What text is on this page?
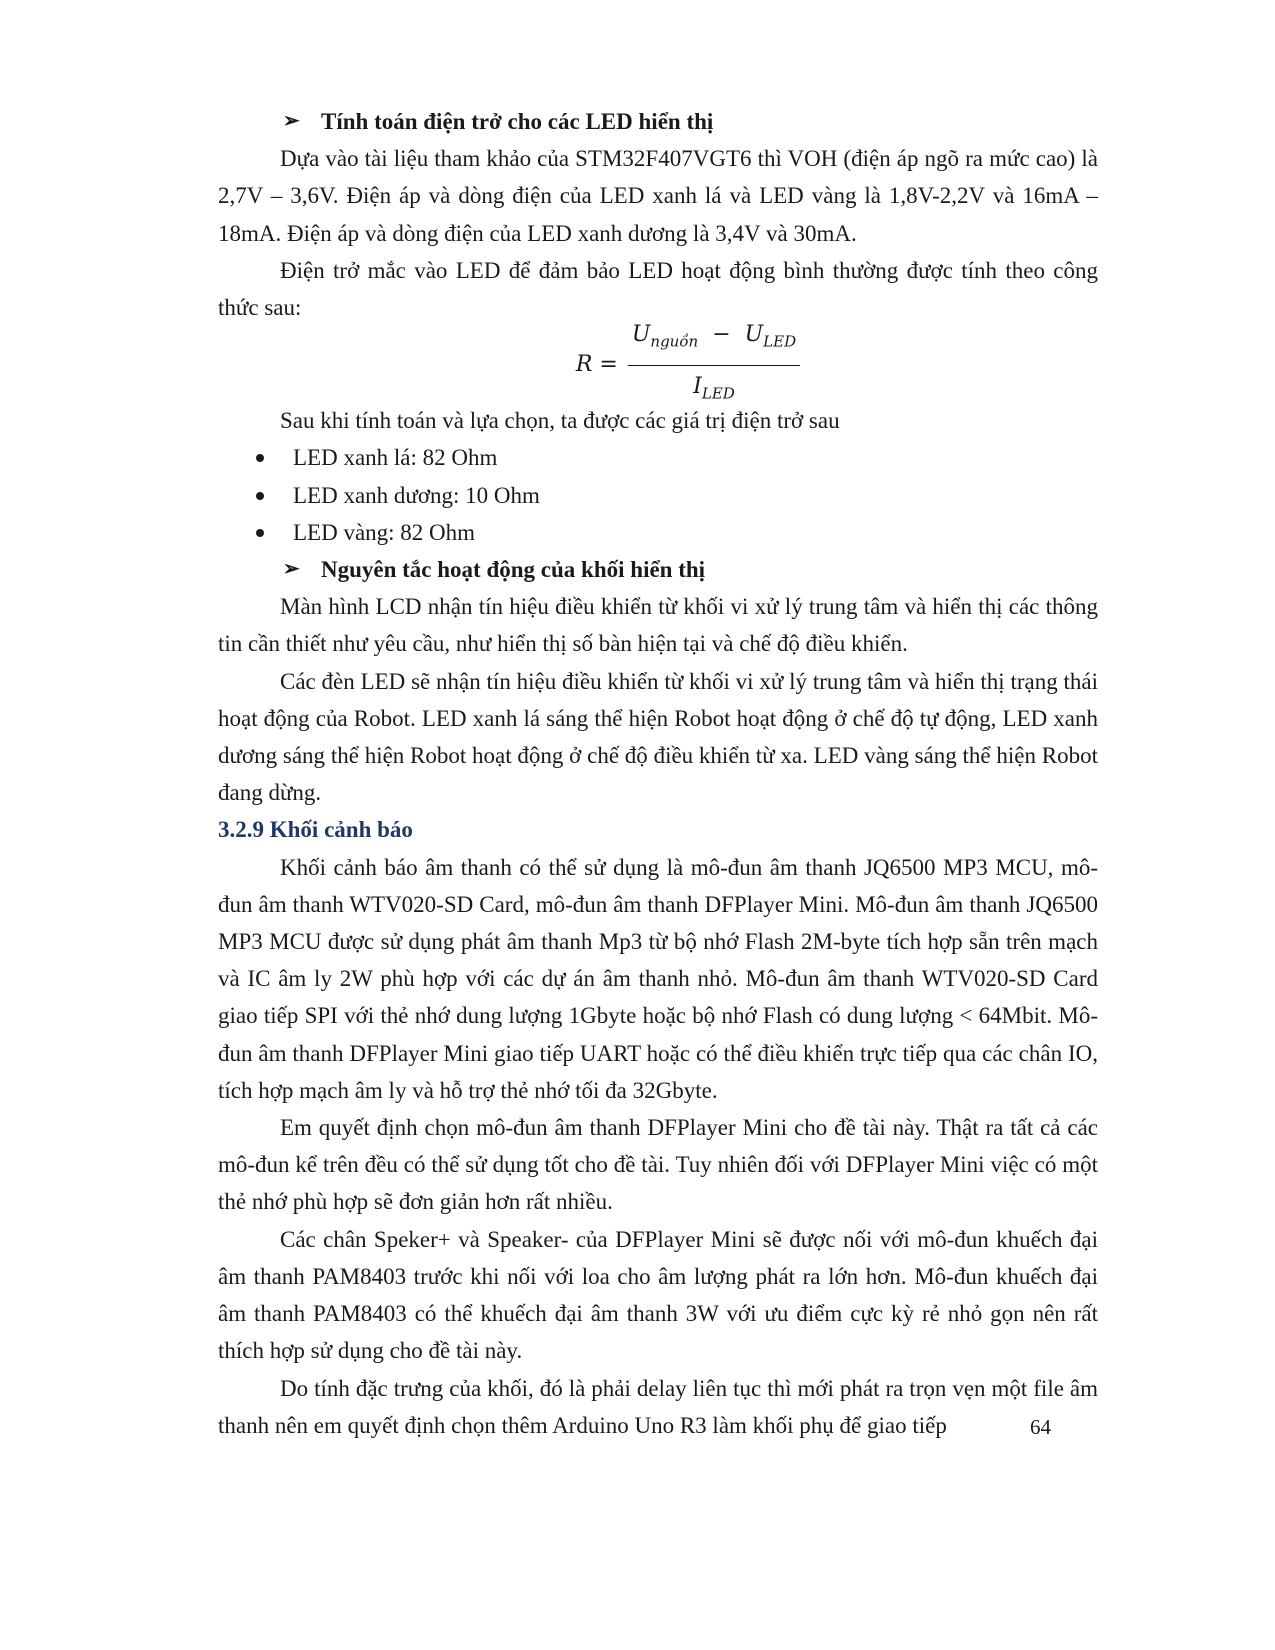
➢ Tính toán điện trở cho các LED hiển thị

Dựa vào tài liệu tham khảo của STM32F407VGT6 thì VOH (điện áp ngõ ra mức cao) là 2,7V – 3,6V. Điện áp và dòng điện của LED xanh lá và LED vàng là 1,8V-2,2V và 16mA – 18mA. Điện áp và dòng điện của LED xanh dương là 3,4V và 30mA.

Điện trở mắc vào LED để đảm bảo LED hoạt động bình thường được tính theo công thức sau:

$R = \frac{U_{nguồn} - U_{LED}}{I_{LED}}$

Sau khi tính toán và lựa chọn, ta được các giá trị điện trở sau

LED xanh lá: 82 Ohm
LED xanh dương: 10 Ohm
LED vàng: 82 Ohm

➢ Nguyên tắc hoạt động của khối hiển thị

Màn hình LCD nhận tín hiệu điều khiển từ khối vi xử lý trung tâm và hiển thị các thông tin cần thiết như yêu cầu, như hiển thị số bàn hiện tại và chế độ điều khiển.

Các đèn LED sẽ nhận tín hiệu điều khiển từ khối vi xử lý trung tâm và hiển thị trạng thái hoạt động của Robot. LED xanh lá sáng thể hiện Robot hoạt động ở chế độ tự động, LED xanh dương sáng thể hiện Robot hoạt động ở chế độ điều khiển từ xa. LED vàng sáng thể hiện Robot đang dừng.

3.2.9 Khối cảnh báo

Khối cảnh báo âm thanh có thể sử dụng là mô-đun âm thanh JQ6500 MP3 MCU, mô-đun âm thanh WTV020-SD Card, mô-đun âm thanh DFPlayer Mini. Mô-đun âm thanh JQ6500 MP3 MCU được sử dụng phát âm thanh Mp3 từ bộ nhớ Flash 2M-byte tích hợp sẵn trên mạch và IC âm ly 2W phù hợp với các dự án âm thanh nhỏ. Mô-đun âm thanh WTV020-SD Card giao tiếp SPI với thẻ nhớ dung lượng 1Gbyte hoặc bộ nhớ Flash có dung lượng < 64Mbit. Mô-đun âm thanh DFPlayer Mini giao tiếp UART hoặc có thể điều khiển trực tiếp qua các chân IO, tích hợp mạch âm ly và hỗ trợ thẻ nhớ tối đa 32Gbyte.

Em quyết định chọn mô-đun âm thanh DFPlayer Mini cho đề tài này. Thật ra tất cả các mô-đun kể trên đều có thể sử dụng tốt cho đề tài. Tuy nhiên đối với DFPlayer Mini việc có một thẻ nhớ phù hợp sẽ đơn giản hơn rất nhiều.

Các chân Speker+ và Speaker- của DFPlayer Mini sẽ được nối với mô-đun khuếch đại âm thanh PAM8403 trước khi nối với loa cho âm lượng phát ra lớn hơn. Mô-đun khuếch đại âm thanh PAM8403 có thể khuếch đại âm thanh 3W với ưu điểm cực kỳ rẻ nhỏ gọn nên rất thích hợp sử dụng cho đề tài này.

Do tính đặc trưng của khối, đó là phải delay liên tục thì mới phát ra trọn vẹn một file âm thanh nên em quyết định chọn thêm Arduino Uno R3 làm khối phụ để giao tiếp	64
